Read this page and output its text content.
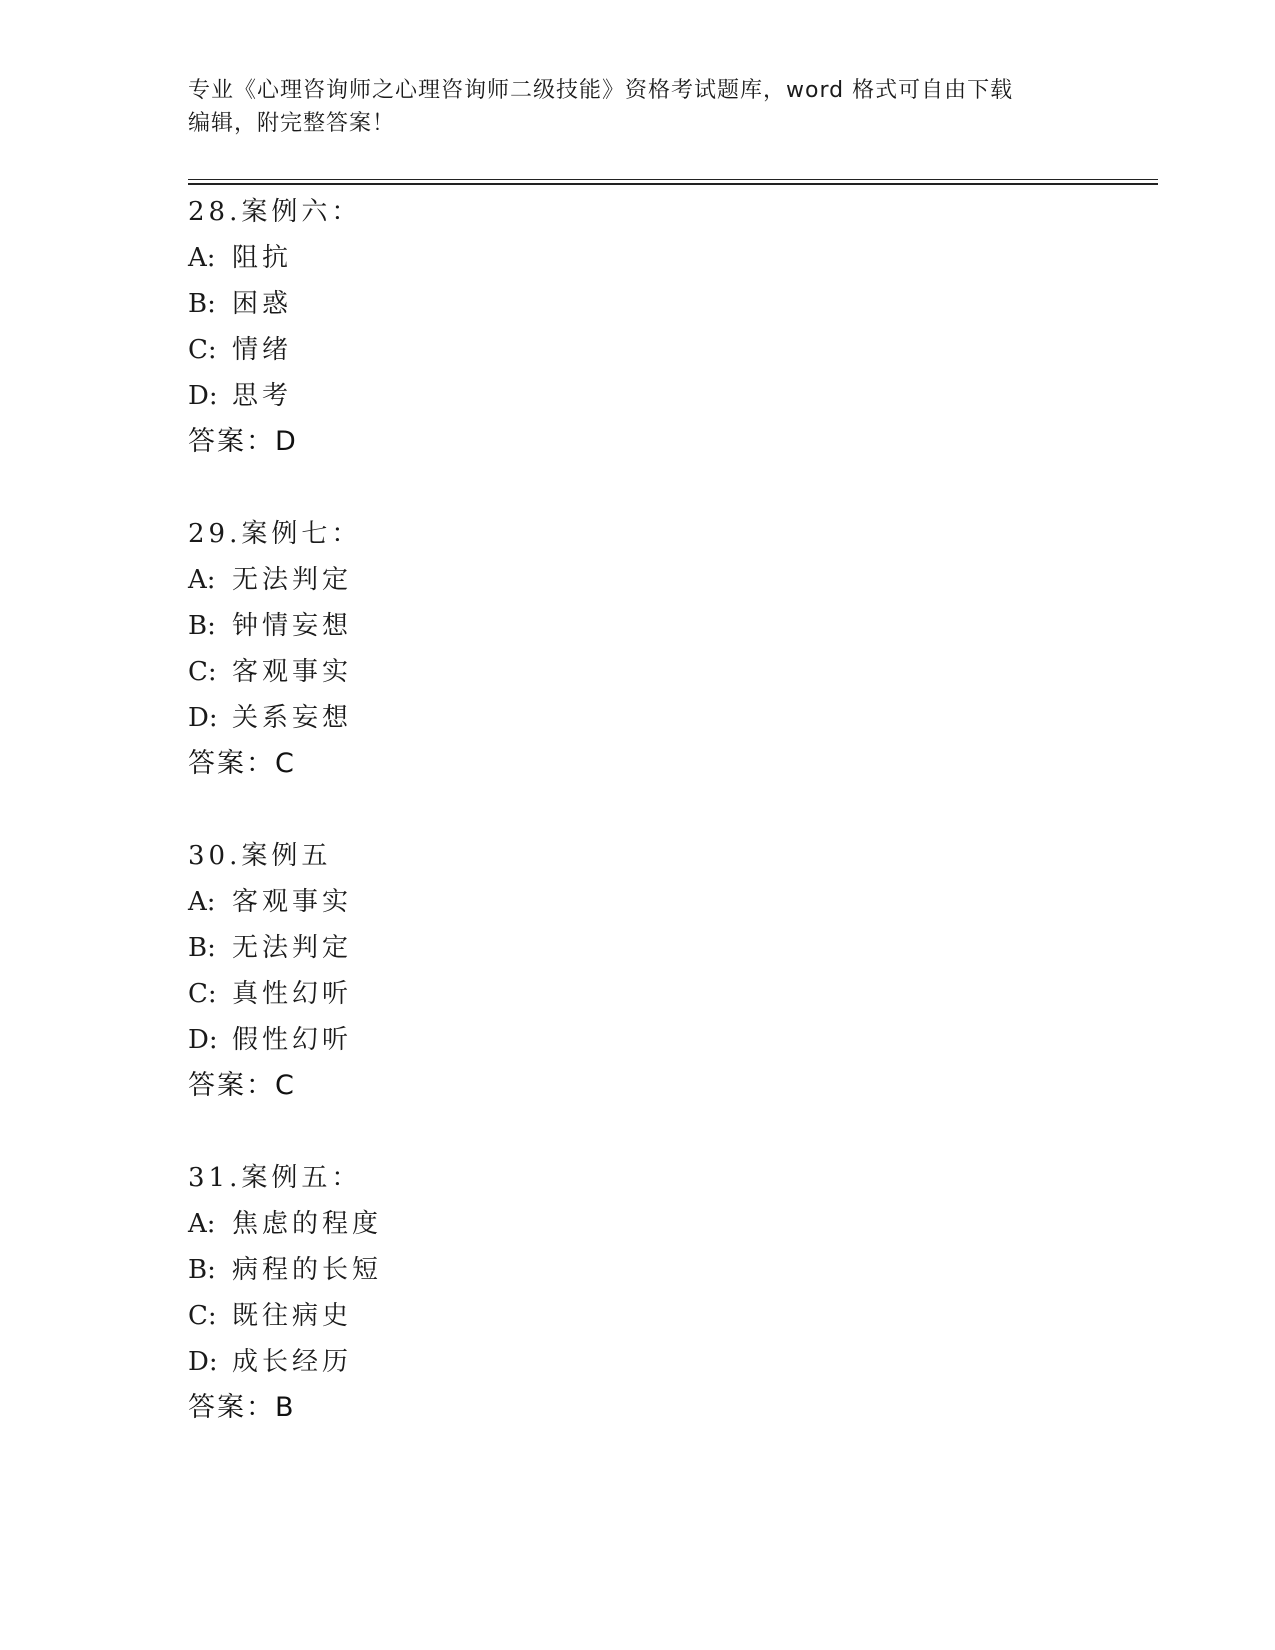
专业《心理咨询师之心理咨询师二级技能》资格考试题库，word 格式可自由下载
编辑，附完整答案！
28.案例六：
A: 阻抗
B: 困惑
C: 情绪
D: 思考
答案：D
29.案例七：
A: 无法判定
B: 钟情妄想
C: 客观事实
D: 关系妄想
答案：C
30.案例五
A: 客观事实
B: 无法判定
C: 真性幻听
D: 假性幻听
答案：C
31.案例五：
A: 焦虑的程度
B: 病程的长短
C: 既往病史
D: 成长经历
答案：B
